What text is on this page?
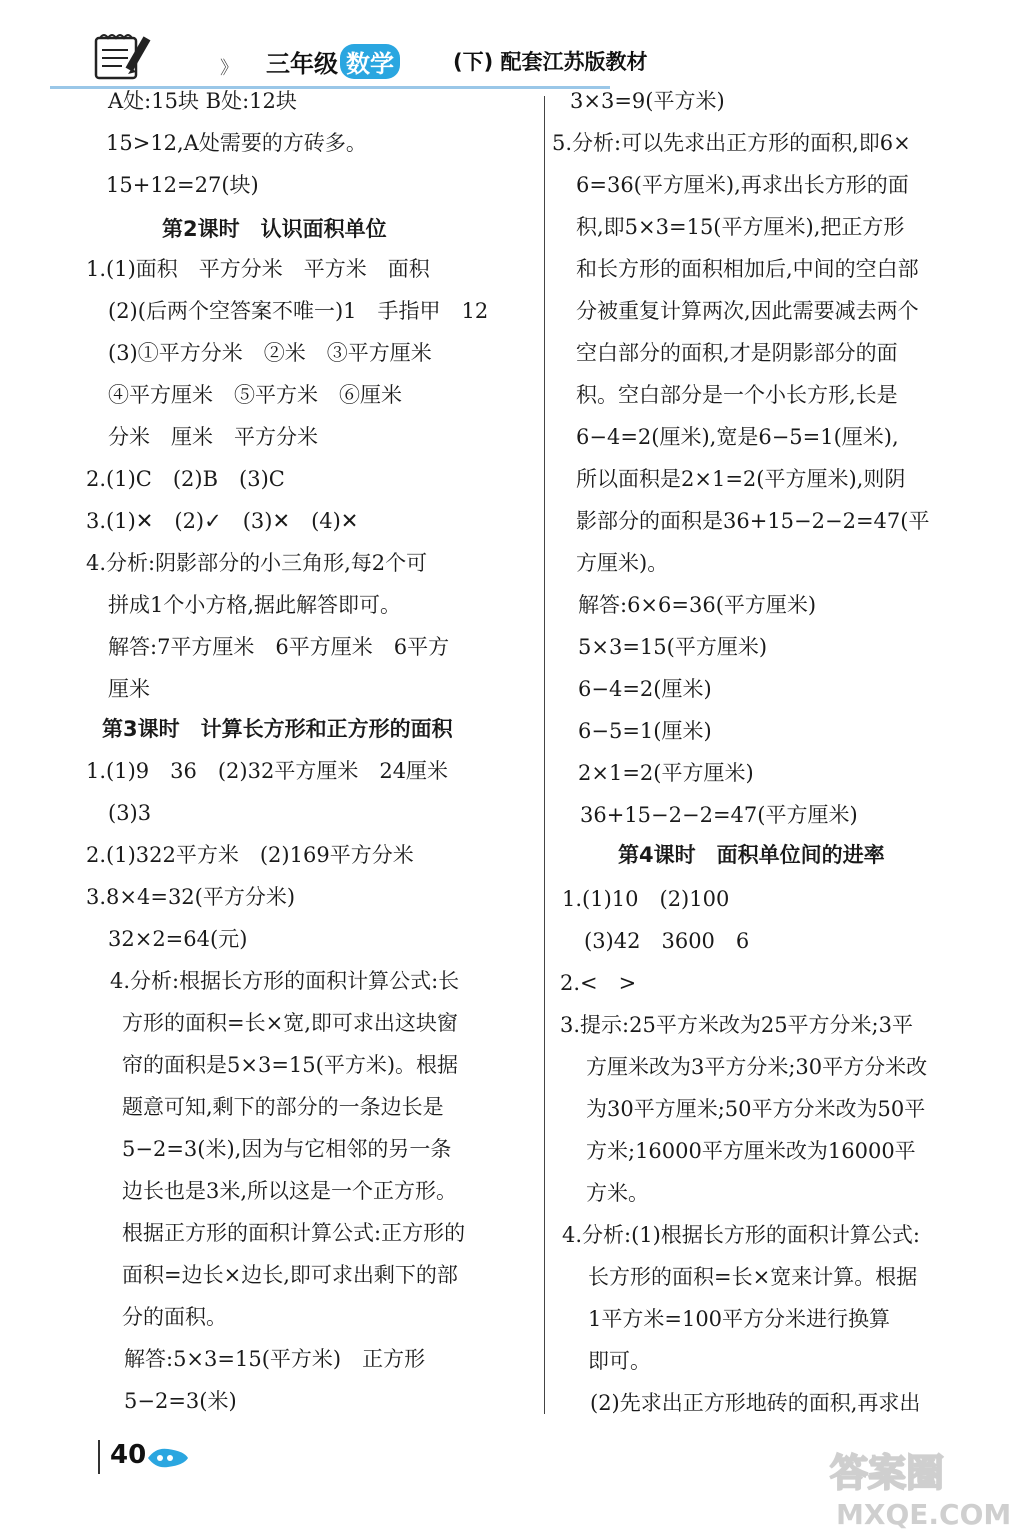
》 三年级 数学	(下) 配套江苏版教材
A处:15块 B处:12块
15>12,A处需要的方砖多。
15+12=27(块)
第2课时　认识面积单位
1.(1)面积　平方分米　平方米　面积
(2)(后两个空答案不唯一)1　手指甲　12
(3)①平方分米　②米　③平方厘米
④平方厘米　⑤平方米　⑥厘米
分米　厘米　平方分米
2.(1)C　(2)B　(3)C
3.(1)✕　(2)✓　(3)✕　(4)✕
4.分析:阴影部分的小三角形,每2个可
拼成1个小方格,据此解答即可。
解答:7平方厘米　6平方厘米　6平方
厘米
第3课时　计算长方形和正方形的面积
1.(1)9　36　(2)32平方厘米　24厘米
(3)3
2.(1)322平方米　(2)169平方分米
3.8×4=32(平方分米)
32×2=64(元)
4.分析:根据长方形的面积计算公式:长
方形的面积=长×宽,即可求出这块窗
帘的面积是5×3=15(平方米)。根据
题意可知,剩下的部分的一条边长是
5−2=3(米),因为与它相邻的另一条
边长也是3米,所以这是一个正方形。
根据正方形的面积计算公式:正方形的
面积=边长×边长,即可求出剩下的部
分的面积。
解答:5×3=15(平方米)　正方形
5−2=3(米)
3×3=9(平方米)
5.分析:可以先求出正方形的面积,即6×
6=36(平方厘米),再求出长方形的面
积,即5×3=15(平方厘米),把正方形
和长方形的面积相加后,中间的空白部
分被重复计算两次,因此需要减去两个
空白部分的面积,才是阴影部分的面
积。空白部分是一个小长方形,长是
6−4=2(厘米),宽是6−5=1(厘米),
所以面积是2×1=2(平方厘米),则阴
影部分的面积是36+15−2−2=47(平
方厘米)。
解答:6×6=36(平方厘米)
5×3=15(平方厘米)
6−4=2(厘米)
6−5=1(厘米)
2×1=2(平方厘米)
36+15−2−2=47(平方厘米)
第4课时　面积单位间的进率
1.(1)10　(2)100
(3)42　3600　6
2.<　>
3.提示:25平方米改为25平方分米;3平
方厘米改为3平方分米;30平方分米改
为30平方厘米;50平方分米改为50平
方米;16000平方厘米改为16000平
方米。
4.分析:(1)根据长方形的面积计算公式:
长方形的面积=长×宽来计算。根据
1平方米=100平方分米进行换算
即可。
(2)先求出正方形地砖的面积,再求出
40	答案圈
MXQE.COM
